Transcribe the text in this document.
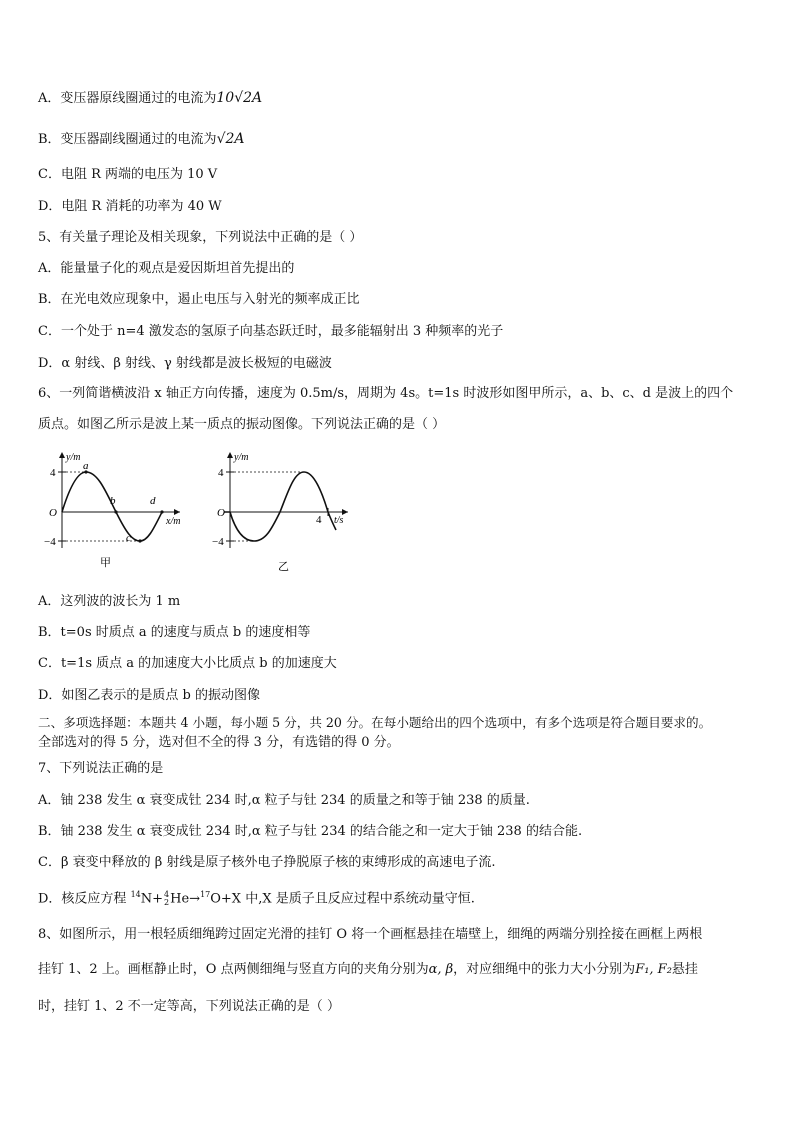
A．变压器原线圈通过的电流为10√2A
B．变压器副线圈通过的电流为√2A
C．电阻 R 两端的电压为 10 V
D．电阻 R 消耗的功率为 40 W
5、有关量子理论及相关现象，下列说法中正确的是（ ）
A．能量量子化的观点是爱因斯坦首先提出的
B．在光电效应现象中，遏止电压与入射光的频率成正比
C．一个处于 n=4 激发态的氢原子向基态跃迁时，最多能辐射出 3 种频率的光子
D．α 射线、β 射线、γ 射线都是波长极短的电磁波
6、一列简谐横波沿 x 轴正方向传播，速度为 0.5m/s，周期为 4s。t=1s 时波形如图甲所示，a、b、c、d 是波上的四个
质点。如图乙所示是波上某一质点的振动图像。下列说法正确的是（ ）
y/m
4
−4
O
x/m
a
b
c
d
甲
y/m
4
−4
O
4 t/s
乙
A．这列波的波长为 1 m
B．t=0s 时质点 a 的速度与质点 b 的速度相等
C．t=1s 质点 a 的加速度大小比质点 b 的加速度大
D．如图乙表示的是质点 b 的振动图像
二、多项选择题：本题共 4 小题，每小题 5 分，共 20 分。在每小题给出的四个选项中，有多个选项是符合题目要求的。
全部选对的得 5 分，选对但不全的得 3 分，有选错的得 0 分。
7、下列说法正确的是
A．铀 238 发生 α 衰变成钍 234 时,α 粒子与钍 234 的质量之和等于铀 238 的质量.
B．铀 238 发生 α 衰变成钍 234 时,α 粒子与钍 234 的结合能之和一定大于铀 238 的结合能.
C．β 衰变中释放的 β 射线是原子核外电子挣脱原子核的束缚形成的高速电子流.
D．核反应方程 $^{14}$N+4
2He→$^{17}$O+X 中,X 是质子且反应过程中系统动量守恒.
8、如图所示，用一根轻质细绳跨过固定光滑的挂钉 O 将一个画框悬挂在墙壁上，细绳的两端分别拴接在画框上两根
挂钉 1、2 上。画框静止时，O 点两侧细绳与竖直方向的夹角分别为α, β，对应细绳中的张力大小分别为F₁, F₂悬挂
时，挂钉 1、2 不一定等高，下列说法正确的是（ ）
